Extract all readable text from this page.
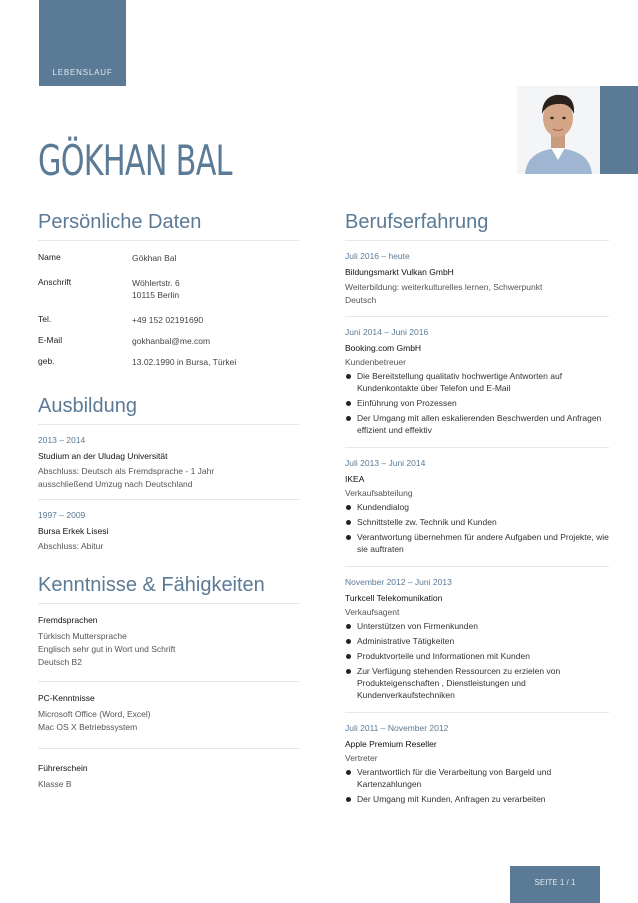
LEBENSLAUF
GÖKHAN BAL
Persönliche Daten
Name	Gökhan Bal
Anschrift	Wöhlertstr. 6
10115 Berlin
Tel.	+49 152 02191690
E-Mail	gokhanbal@me.com
geb.	13.02.1990 in Bursa, Türkei
Ausbildung
2013 – 2014
Studium an der Uludag Universität
Abschluss: Deutsch als Fremdsprache - 1 Jahr
ausschließend Umzug nach Deutschland
1997 – 2009
Bursa Erkek Lisesi
Abschluss: Abitur
Kenntnisse & Fähigkeiten
Fremdsprachen
Türkisch Muttersprache
Englisch sehr gut in Wort und Schrift
Deutsch B2
PC-Kenntnisse
Microsoft Office (Word, Excel)
Mac OS X Betriebssystem
Führerschein
Klasse B
Berufserfahrung
Juli 2016 – heute
Bildungsmarkt Vulkan GmbH
Weiterbildung: weiterkulturelles lernen, Schwerpunkt
Deutsch
Juni 2014 – Juni 2016
Booking.com GmbH
Kundenbetreuer
Die Bereitstellung qualitativ hochwertige Antworten auf Kundenkontakte über Telefon und E-Mail
Einführung von Prozessen
Der Umgang mit allen eskalierenden Beschwerden und Anfragen effizient und effektiv
Juli 2013 – Juni 2014
IKEA
Verkaufsabteilung
Kundendialog
Schnittstelle zw. Technik und Kunden
Verantwortung übernehmen für andere Aufgaben und Projekte, wie sie auftraten
November 2012 – Juni 2013
Turkcell Telekomunikation
Verkaufsagent
Unterstützen von Firmenkunden
Administrative Tätigkeiten
Produktvorteile und Informationen mit Kunden
Zur Verfügung stehenden Ressourcen zu erzielen von Produkteigenschaften , Dienstleistungen und Kundenverkaufstechniken
Juli 2011 – November 2012
Apple Premium Reseller
Vertreter
Verantwortlich für die Verarbeitung von Bargeld und Kartenzahlungen
Der Umgang mit Kunden, Anfragen zu verarbeiten
SEITE 1 / 1
